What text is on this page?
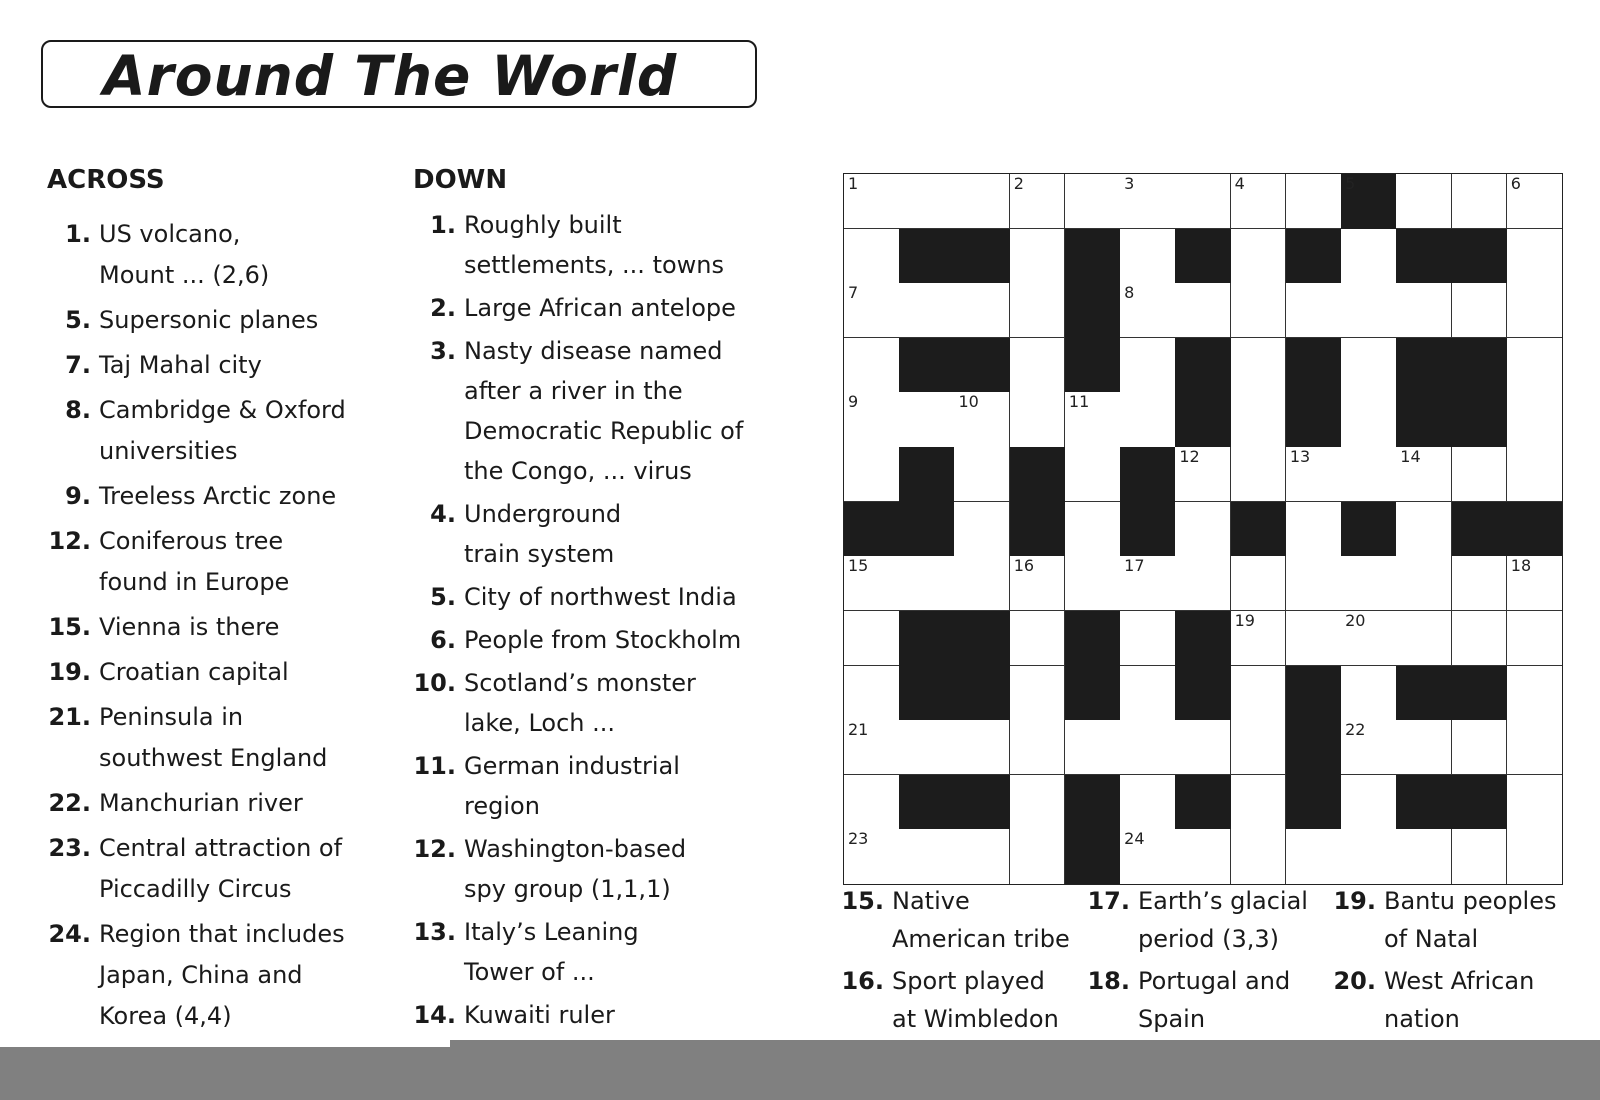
Around The World
ACROSS	DOWN
1. US volcano,
Mount ... (2,6)
5. Supersonic planes
7. Taj Mahal city
8. Cambridge & Oxford
universities
9. Treeless Arctic zone
12. Coniferous tree
found in Europe
15. Vienna is there
19. Croatian capital
21. Peninsula in
southwest England
22. Manchurian river
23. Central attraction of
Piccadilly Circus
24. Region that includes
Japan, China and
Korea (4,4)
1. Roughly built
settlements, ... towns
2. Large African antelope
3. Nasty disease named
after a river in the
Democratic Republic of
the Congo, ... virus
4. Underground
train system
5. City of northwest India
6. People from Stockholm
10. Scotland’s monster
lake, Loch ...
11. German industrial
region
12. Washington-based
spy group (1,1,1)
13. Italy’s Leaning
Tower of ...
14. Kuwaiti ruler
15. Native
American tribe
16. Sport played
at Wimbledon
17. Earth’s glacial
period (3,3)
18. Portugal and
Spain
19. Bantu peoples
of Natal
20. West African
nation
1	2	3	4	5	6
7	8
9	10	11
12	13	14
15	16	17	18
19	20
21	22
23	24
